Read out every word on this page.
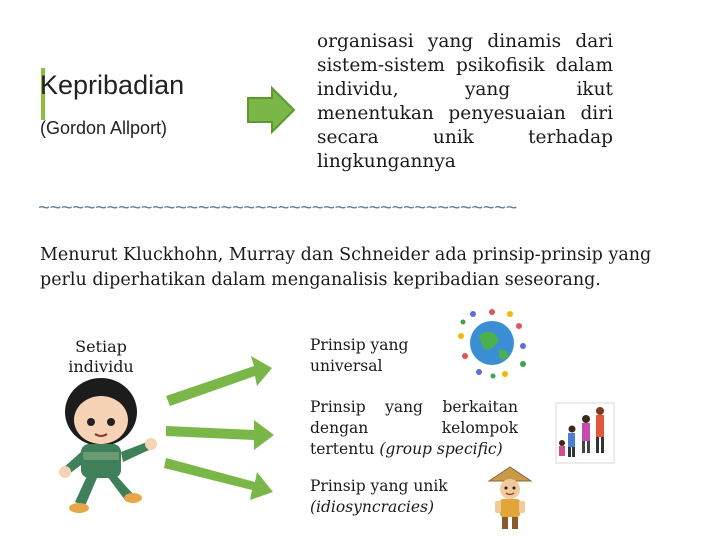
Kepribadian
(Gordon Allport)
organisasi yang dinamis dari sistem-sistem psikofisik dalam individu, yang ikut menentukan penyesuaian diri secara unik terhadap lingkungannya
~~~~~~~~~~~~~~~~~~~~~~~~~~~~~~~~~~~~~~~~~~
Menurut Kluckhohn, Murray dan Schneider ada prinsip-prinsip yang perlu diperhatikan dalam menganalisis kepribadian seseorang.
Setiap individu
Prinsip yang universal
Prinsip yang berkaitan dengan kelompok tertentu (group specific)
Prinsip yang unik
(idiosyncracies)
